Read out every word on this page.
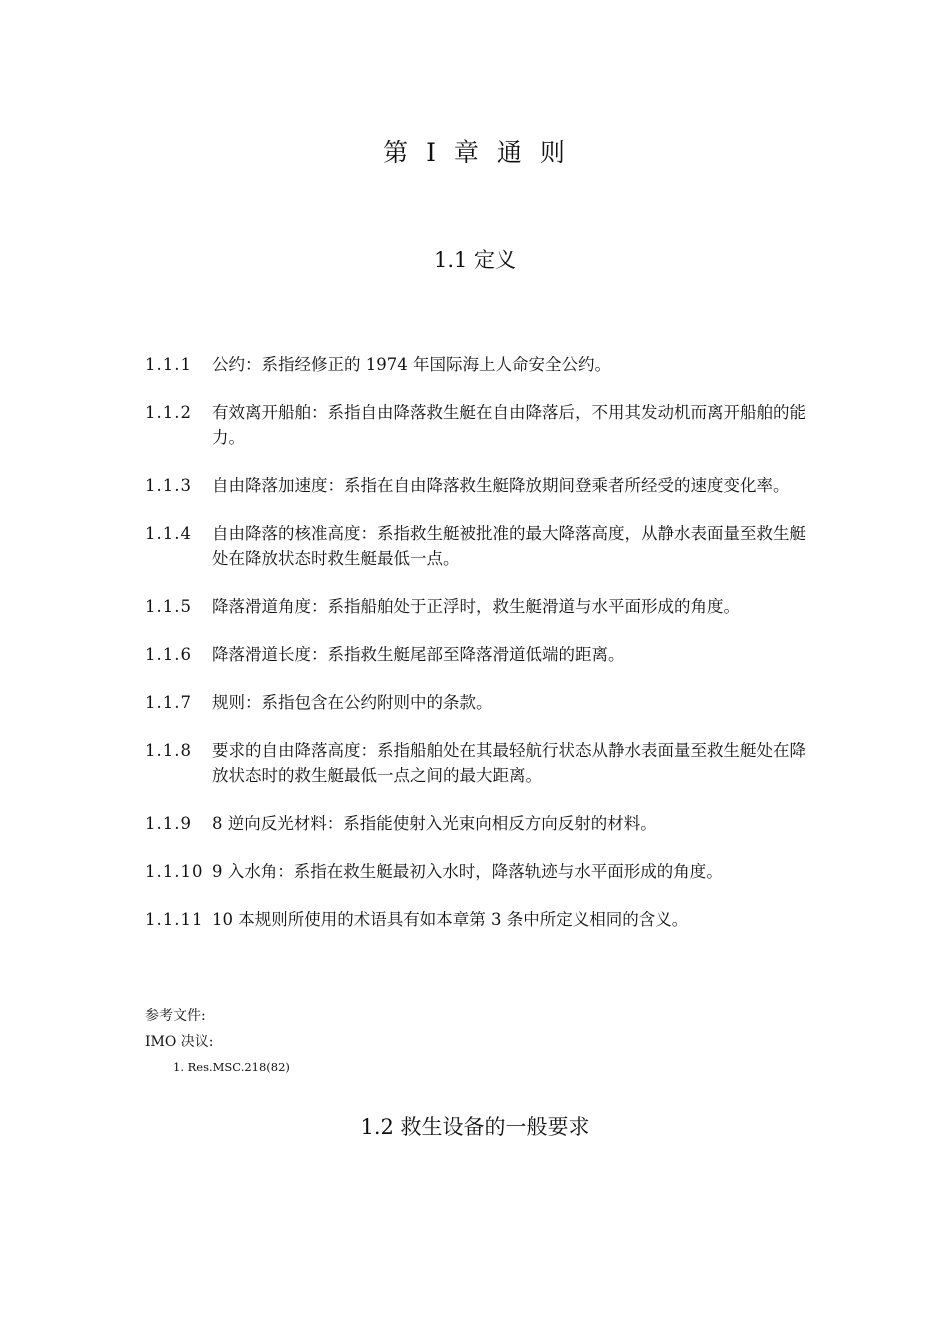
第 I 章 通 则
1.1 定义
1.1.1	公约：系指经修正的 1974 年国际海上人命安全公约。
1.1.2	有效离开船舶：系指自由降落救生艇在自由降落后，不用其发动机而离开船舶的能力。
1.1.3	自由降落加速度：系指在自由降落救生艇降放期间登乘者所经受的速度变化率。
1.1.4	自由降落的核准高度：系指救生艇被批准的最大降落高度，从静水表面量至救生艇处在降放状态时救生艇最低一点。
1.1.5	降落滑道角度：系指船舶处于正浮时，救生艇滑道与水平面形成的角度。
1.1.6	降落滑道长度：系指救生艇尾部至降落滑道低端的距离。
1.1.7	规则：系指包含在公约附则中的条款。
1.1.8	要求的自由降落高度：系指船舶处在其最轻航行状态从静水表面量至救生艇处在降放状态时的救生艇最低一点之间的最大距离。
1.1.9	8 逆向反光材料：系指能使射入光束向相反方向反射的材料。
1.1.10 9 入水角：系指在救生艇最初入水时，降落轨迹与水平面形成的角度。
1.1.11 10 本规则所使用的术语具有如本章第 3 条中所定义相同的含义。
参考文件:
IMO 决议:
1. Res.MSC.218(82)
1.2 救生设备的一般要求
